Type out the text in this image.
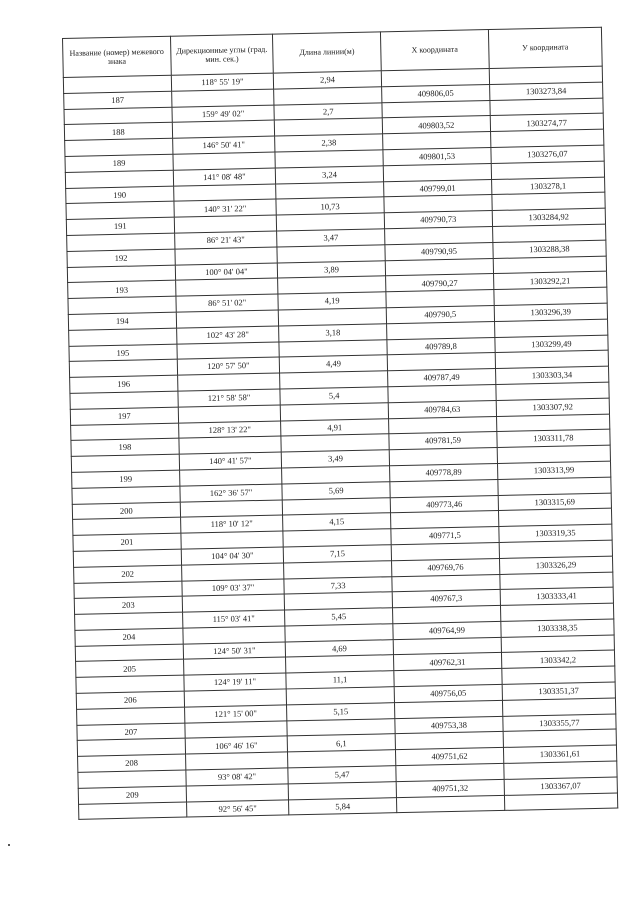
Название (номер) межевого знака	Дирекционные углы (град. мин. сек.)	Длина линии(м)	X координата	У координата
	118° 55' 19"	2,94		
187			409806,05	1303273,84
	159° 49' 02"	2,7		
188			409803,52	1303274,77
	146° 50' 41"	2,38		
189			409801,53	1303276,07
	141° 08' 48"	3,24		
190			409799,01	1303278,1
	140° 31' 22"	10,73		
191			409790,73	1303284,92
	86° 21' 43"	3,47		
192			409790,95	1303288,38
	100° 04' 04"	3,89		
193			409790,27	1303292,21
	86° 51' 02"	4,19		
194			409790,5	1303296,39
	102° 43' 28"	3,18		
195			409789,8	1303299,49
	120° 57' 50"	4,49		
196			409787,49	1303303,34
	121° 58' 58"	5,4		
197			409784,63	1303307,92
	128° 13' 22"	4,91		
198			409781,59	1303311,78
	140° 41' 57"	3,49		
199			409778,89	1303313,99
	162° 36' 57"	5,69		
200			409773,46	1303315,69
	118° 10' 12"	4,15		
201			409771,5	1303319,35
	104° 04' 30"	7,15		
202			409769,76	1303326,29
	109° 03' 37"	7,33		
203			409767,3	1303333,41
	115° 03' 41"	5,45		
204			409764,99	1303338,35
	124° 50' 31"	4,69		
205			409762,31	1303342,2
	124° 19' 11"	11,1		
206			409756,05	1303351,37
	121° 15' 00"	5,15		
207			409753,38	1303355,77
	106° 46' 16"	6,1		
208			409751,62	1303361,61
	93° 08' 42"	5,47		
209			409751,32	1303367,07
	92° 56' 45"	5,84		
